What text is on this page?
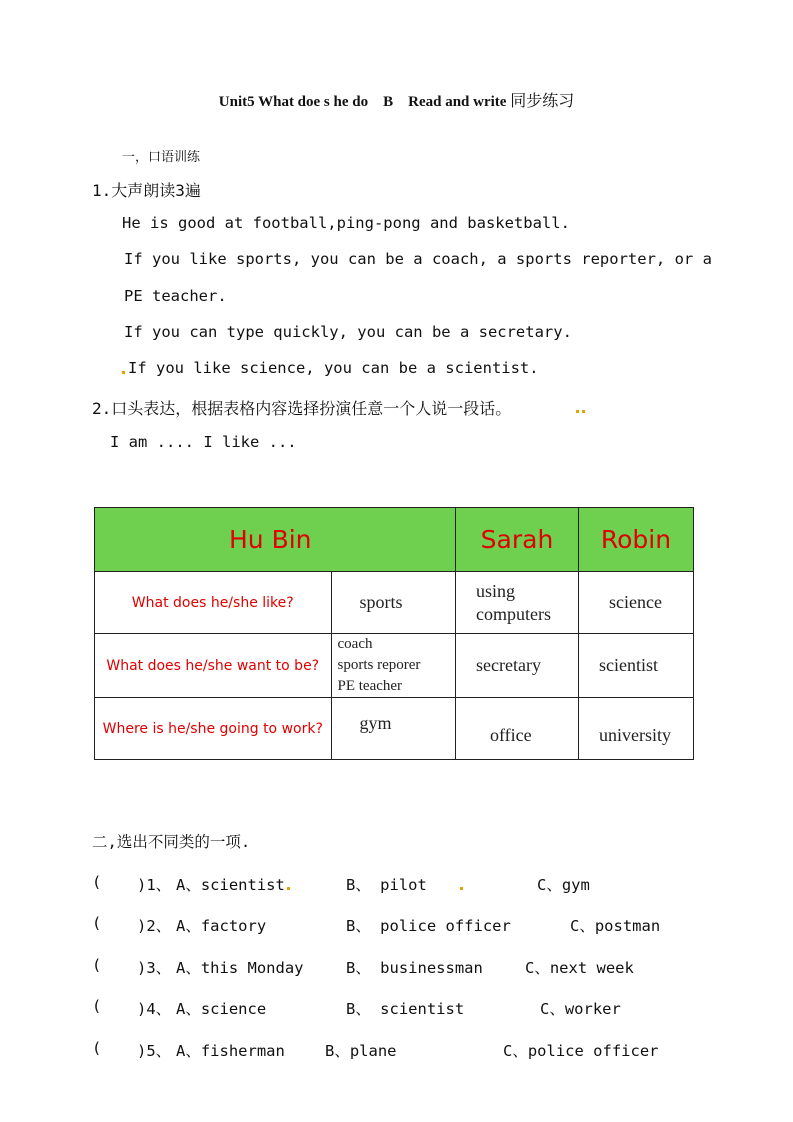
Unit5 What doe s he do    B    Read and write 同步练习
一，口语训练
1.大声朗读3遍
He is good at football,ping-pong and basketball.
If you like sports, you can be a coach, a sports reporter, or a
PE teacher.
If you can type quickly, you can be a secretary.
If you like science, you can be a scientist.
2.口头表达，根据表格内容选择扮演任意一个人说一段话。
I am .... I like ...
	Hu Bin	Sarah	Robin
What does he/she like?	sports	using
computers	science
What does he/she want to be?	coach
sports reporer
PE teacher	secretary	scientist
Where is he/she going to work?	gym	office	university
二,选出不同类的一项.
( )1、 A、scientist	B、 pilot	C、gym
( )2、 A、factory	B、 police officer	C、postman
( )3、 A、this Monday	B、 businessman	C、next week
( )4、 A、science	B、 scientist	C、worker
( )5、 A、fisherman	B、plane	C、police officer
